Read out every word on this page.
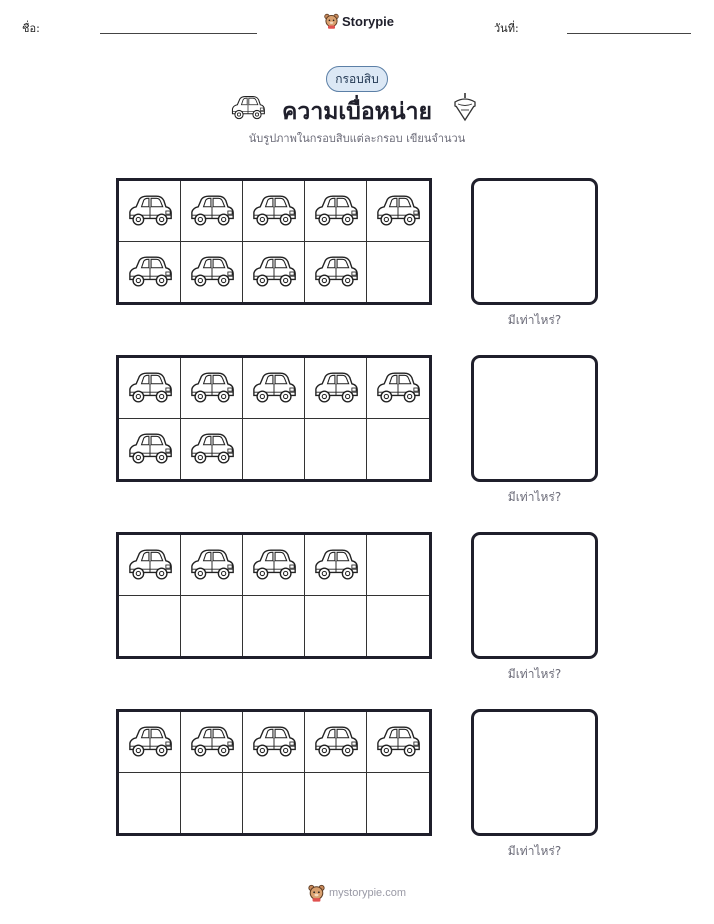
ชื่อ:	Storypie	วันที่:
กรอบสิบ
ความเบื่อหน่าย
นับรูปภาพในกรอบสิบแต่ละกรอบ เขียนจำนวน
มีเท่าไหร่?
มีเท่าไหร่?
มีเท่าไหร่?
มีเท่าไหร่?
mystorypie.com
